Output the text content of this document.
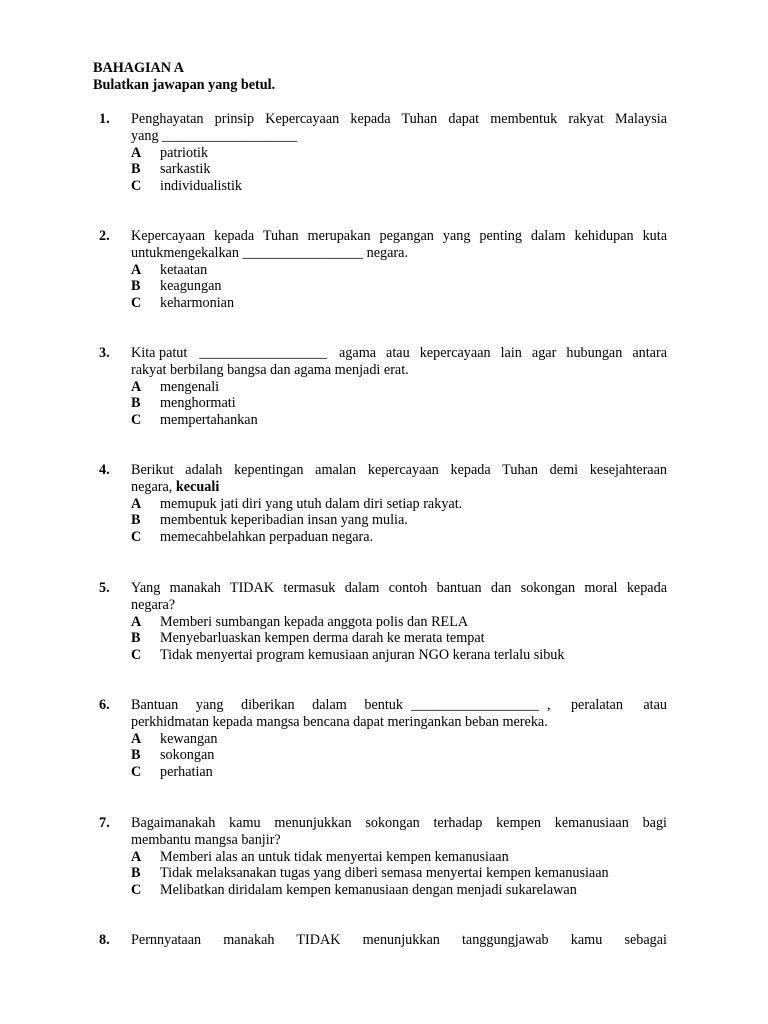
BAHAGIAN A

Bulatkan jawapan yang betul.

1. Penghayatan prinsip Kepercayaan kepada Tuhan dapat membentuk rakyat Malaysia
yang ___________________
A	patriotik
B	sarkastik
C	individualistik
2. Kepercayaan kepada Tuhan merupakan pegangan yang penting dalam kehidupan kuta
untukmengekalkan _________________ negara.
A	ketaatan
B	keagungan
C	keharmonian
3. Kita patut __________________ agama atau kepercayaan lain agar hubungan antara
rakyat berbilang bangsa dan agama menjadi erat.
A	mengenali
B	menghormati
C	mempertahankan
4. Berikut adalah kepentingan amalan kepercayaan kepada Tuhan demi kesejahteraan
negara, kecuali
A	memupuk jati diri yang utuh dalam diri setiap rakyat.
B	membentuk keperibadian insan yang mulia.
C	memecahbelahkan perpaduan negara.
5. Yang manakah TIDAK termasuk dalam contoh bantuan dan sokongan moral kepada
negara?
A	Memberi sumbangan kepada anggota polis dan RELA
B	Menyebarluaskan kempen derma darah ke merata tempat
C	Tidak menyertai program kemusiaan anjuran NGO kerana terlalu sibuk
6. Bantuan yang diberikan dalam bentuk __________________ , peralatan atau
perkhidmatan kepada mangsa bencana dapat meringankan beban mereka.
A	kewangan
B	sokongan
C	perhatian
7. Bagaimanakah kamu menunjukkan sokongan terhadap kempen kemanusiaan bagi
membantu mangsa banjir?
A	Memberi alas an untuk tidak menyertai kempen kemanusiaan
B	Tidak melaksanakan tugas yang diberi semasa menyertai kempen kemanusiaan
C	Melibatkan diridalam kempen kemanusiaan dengan menjadi sukarelawan
8. Pernnyataan manakah TIDAK menunjukkan tanggungjawab kamu sebagai
